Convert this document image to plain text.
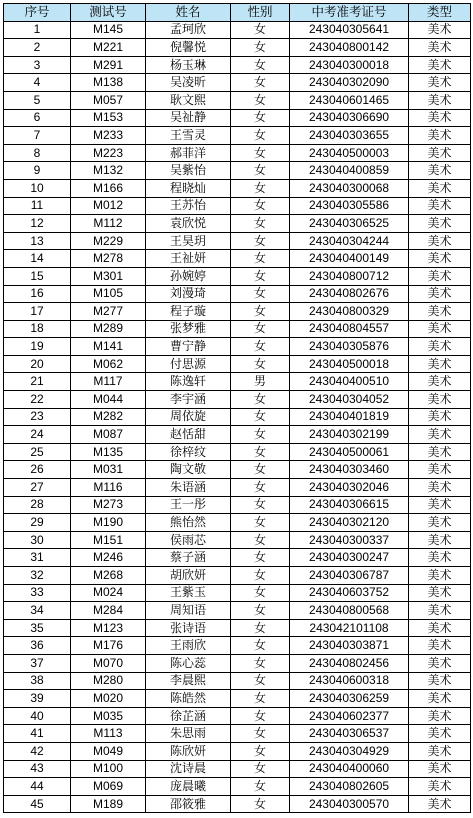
序号	测试号	姓名	性别	中考准考证号	类型
1	M145	孟珂欣	女	243040305641	美术
2	M221	倪馨悦	女	243040800142	美术
3	M291	杨玉琳	女	243040300018	美术
4	M138	吴凌昕	女	243040302090	美术
5	M057	耿文熙	女	243040601465	美术
6	M153	吴祉静	女	243040306690	美术
7	M233	王雪灵	女	243040303655	美术
8	M223	郝菲洋	女	243040500003	美术
9	M132	吴紫怡	女	243040400859	美术
10	M166	程晓灿	女	243040300068	美术
11	M012	王苏怡	女	243040305586	美术
12	M112	袁欣悦	女	243040306525	美术
13	M229	王昊玥	女	243040304244	美术
14	M278	王祉妍	女	243040400149	美术
15	M301	孙婉婷	女	243040800712	美术
16	M105	刘漫琦	女	243040802676	美术
17	M277	程子璇	女	243040800329	美术
18	M289	张梦雅	女	243040804557	美术
19	M141	曹宁静	女	243040305876	美术
20	M062	付思源	女	243040500018	美术
21	M117	陈逸轩	男	243040400510	美术
22	M044	李宇涵	女	243040304052	美术
23	M282	周依旋	女	243040401819	美术
24	M087	赵恬甜	女	243040302199	美术
25	M135	徐梓纹	女	243040500061	美术
26	M031	陶文敬	女	243040303460	美术
27	M116	朱语涵	女	243040302046	美术
28	M273	王一彤	女	243040306615	美术
29	M190	熊怡然	女	243040302120	美术
30	M151	侯雨芯	女	243040300337	美术
31	M246	蔡子涵	女	243040300247	美术
32	M268	胡欣妍	女	243040306787	美术
33	M024	王紫玉	女	243040603752	美术
34	M284	周知语	女	243040800568	美术
35	M123	张诗语	女	243042101108	美术
36	M176	王雨欣	女	243040303871	美术
37	M070	陈心蕊	女	243040802456	美术
38	M280	李晨熙	女	243040600318	美术
39	M020	陈皓然	女	243040306259	美术
40	M035	徐芷涵	女	243040602377	美术
41	M113	朱思雨	女	243040306537	美术
42	M049	陈欣妍	女	243040304929	美术
43	M100	沈诗晨	女	243040400060	美术
44	M069	庞晨曦	女	243040802605	美术
45	M189	邵筱雅	女	243040300570	美术
